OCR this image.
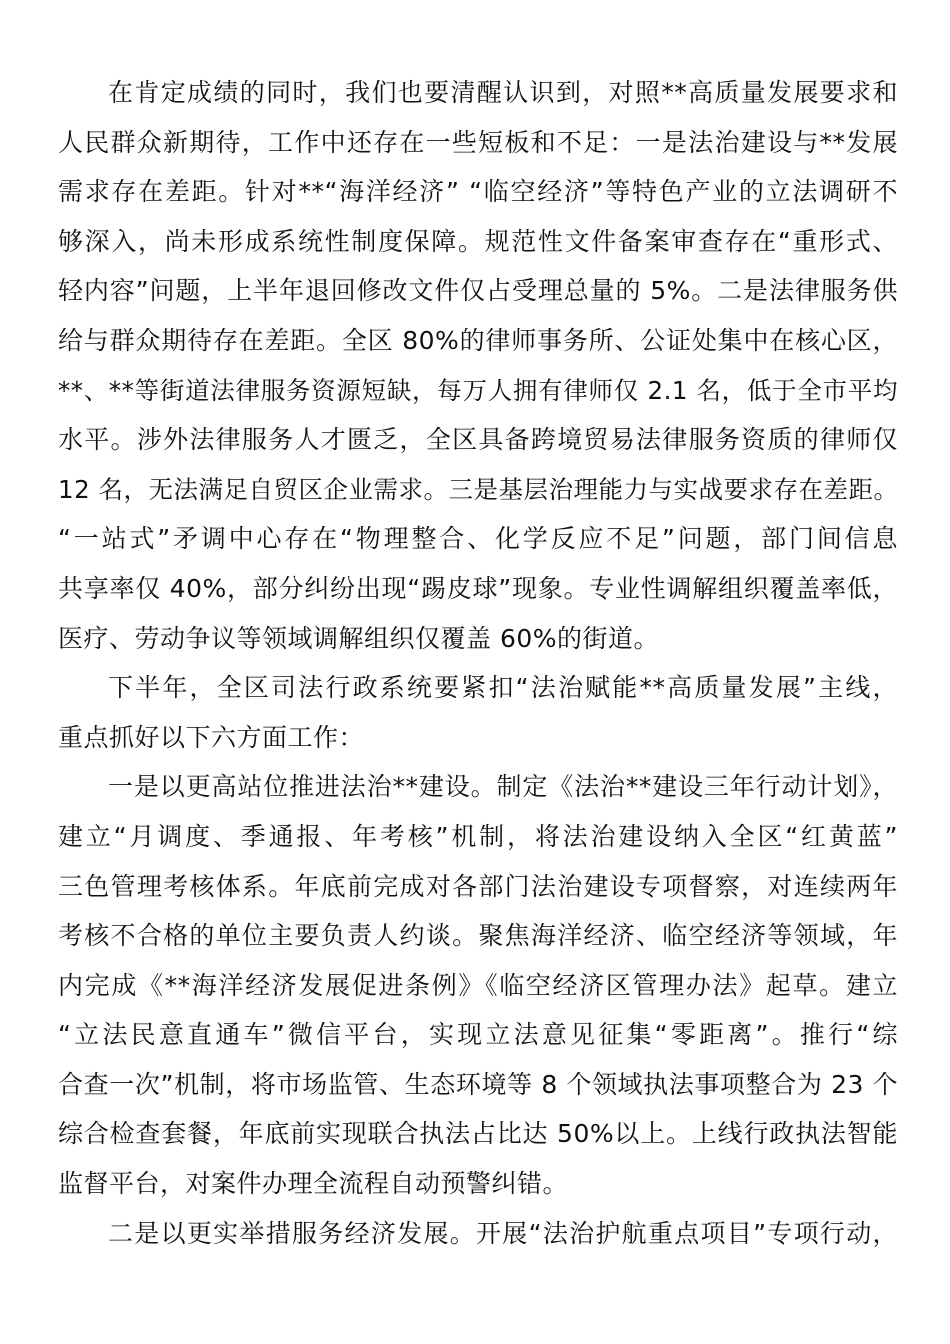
在肯定成绩的同时，我们也要清醒认识到，对照**高质量发展要求和
人民群众新期待，工作中还存在一些短板和不足：一是法治建设与**发展
需求存在差距。针对**“海洋经济” “临空经济”等特色产业的立法调研不
够深入，尚未形成系统性制度保障。规范性文件备案审查存在“重形式、
轻内容”问题，上半年退回修改文件仅占受理总量的 5%。二是法律服务供
给与群众期待存在差距。全区 80%的律师事务所、公证处集中在核心区，
**、**等街道法律服务资源短缺，每万人拥有律师仅 2.1 名，低于全市平均
水平。涉外法律服务人才匮乏，全区具备跨境贸易法律服务资质的律师仅
12 名，无法满足自贸区企业需求。三是基层治理能力与实战要求存在差距。
“一站式”矛调中心存在“物理整合、化学反应不足”问题，部门间信息
共享率仅 40%，部分纠纷出现“踢皮球”现象。专业性调解组织覆盖率低，
医疗、劳动争议等领域调解组织仅覆盖 60%的街道。
下半年，全区司法行政系统要紧扣“法治赋能**高质量发展”主线，
重点抓好以下六方面工作：
一是以更高站位推进法治**建设。制定《法治**建设三年行动计划》，
建立“月调度、季通报、年考核”机制，将法治建设纳入全区“红黄蓝”
三色管理考核体系。年底前完成对各部门法治建设专项督察，对连续两年
考核不合格的单位主要负责人约谈。聚焦海洋经济、临空经济等领域，年
内完成《**海洋经济发展促进条例》《临空经济区管理办法》起草。建立
“立法民意直通车”微信平台，实现立法意见征集“零距离”。推行“综
合查一次”机制，将市场监管、生态环境等 8 个领域执法事项整合为 23 个
综合检查套餐，年底前实现联合执法占比达 50%以上。上线行政执法智能
监督平台，对案件办理全流程自动预警纠错。
二是以更实举措服务经济发展。开展“法治护航重点项目”专项行动，
